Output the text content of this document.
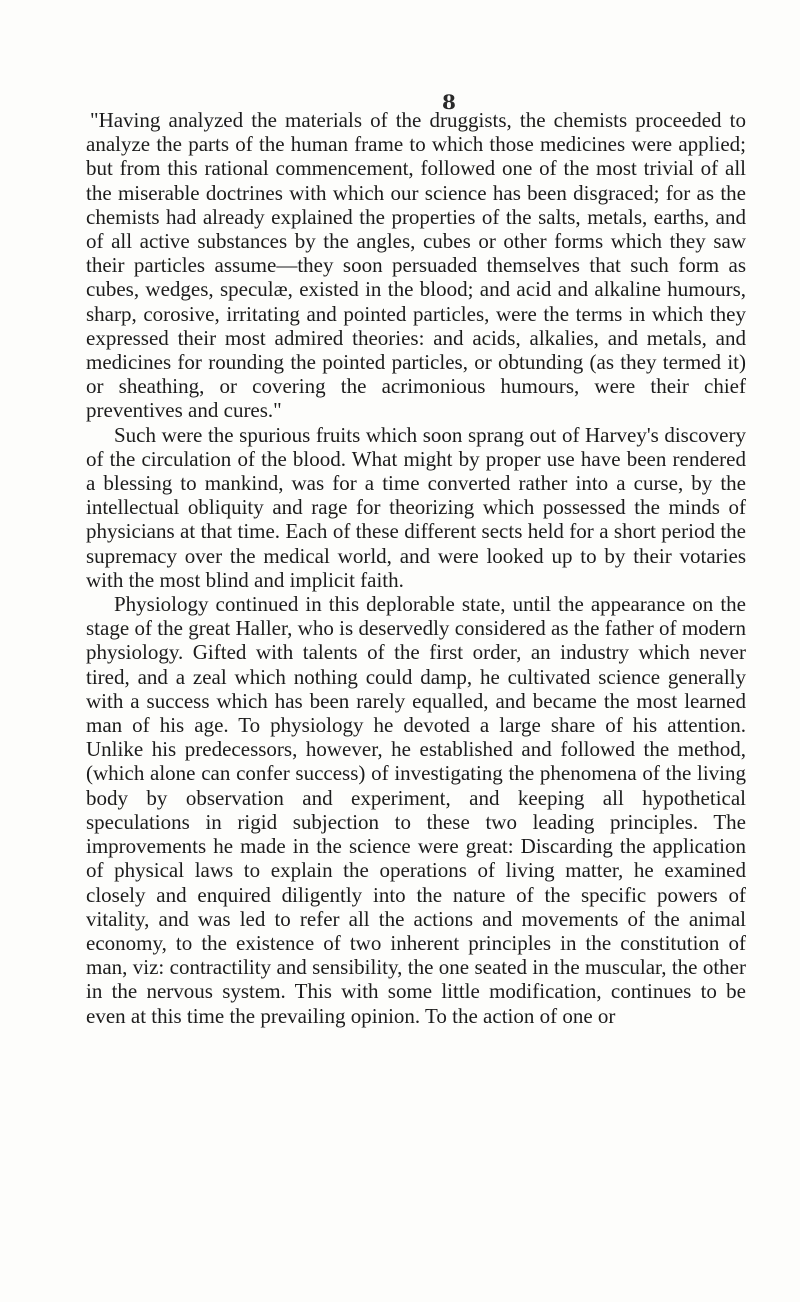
8

"Having analyzed the materials of the druggists, the chemists proceeded to analyze the parts of the human frame to which those medicines were applied; but from this rational commencement, followed one of the most trivial of all the miserable doctrines with which our science has been disgraced; for as the chemists had already explained the properties of the salts, metals, earths, and of all active substances by the angles, cubes or other forms which they saw their particles assume—they soon persuaded themselves that such form as cubes, wedges, speculæ, existed in the blood; and acid and alkaline humours, sharp, corosive, irritating and pointed particles, were the terms in which they expressed their most admired theories: and acids, alkalies, and metals, and medicines for rounding the pointed particles, or obtunding (as they termed it) or sheathing, or covering the acrimonious humours, were their chief preventives and cures."

Such were the spurious fruits which soon sprang out of Harvey's discovery of the circulation of the blood. What might by proper use have been rendered a blessing to mankind, was for a time converted rather into a curse, by the intellectual obliquity and rage for theorizing which possessed the minds of physicians at that time. Each of these different sects held for a short period the supremacy over the medical world, and were looked up to by their votaries with the most blind and implicit faith.

Physiology continued in this deplorable state, until the appearance on the stage of the great Haller, who is deservedly considered as the father of modern physiology. Gifted with talents of the first order, an industry which never tired, and a zeal which nothing could damp, he cultivated science generally with a success which has been rarely equalled, and became the most learned man of his age. To physiology he devoted a large share of his attention. Unlike his predecessors, however, he established and followed the method, (which alone can confer success) of investigating the phenomena of the living body by observation and experiment, and keeping all hypothetical speculations in rigid subjection to these two leading principles. The improvements he made in the science were great: Discarding the application of physical laws to explain the operations of living matter, he examined closely and enquired diligently into the nature of the specific powers of vitality, and was led to refer all the actions and movements of the animal economy, to the existence of two inherent principles in the constitution of man, viz: contractility and sensibility, the one seated in the muscular, the other in the nervous system. This with some little modification, continues to be even at this time the prevailing opinion. To the action of one or
